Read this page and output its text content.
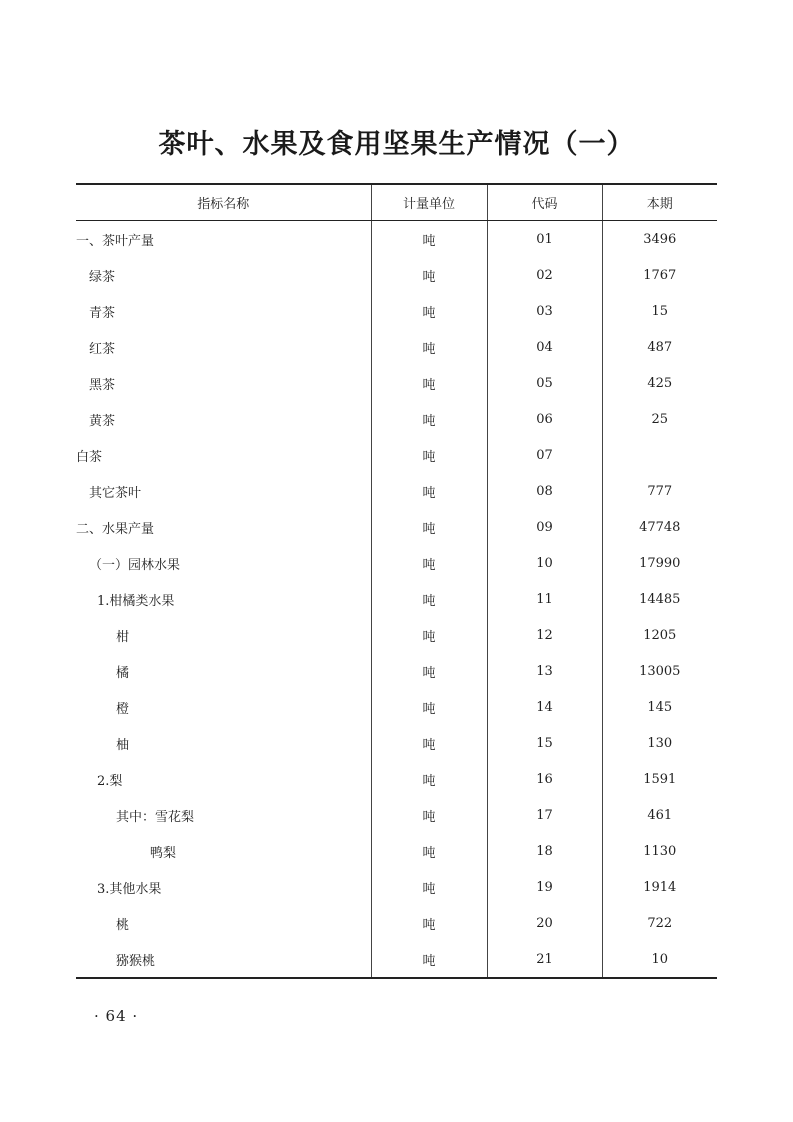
茶叶、水果及食用坚果生产情况（一）
指标名称	计量单位	代码	本期
一、茶叶产量	吨	01	3496
绿茶	吨	02	1767
青茶	吨	03	15
红茶	吨	04	487
黑茶	吨	05	425
黄茶	吨	06	25
白茶	吨	07	
其它茶叶	吨	08	777
二、水果产量	吨	09	47748
（一）园林水果	吨	10	17990
1.柑橘类水果	吨	11	14485
柑	吨	12	1205
橘	吨	13	13005
橙	吨	14	145
柚	吨	15	130
2.梨	吨	16	1591
其中：雪花梨	吨	17	461
鸭梨	吨	18	1130
3.其他水果	吨	19	1914
桃	吨	20	722
猕猴桃	吨	21	10
· 64 ·
